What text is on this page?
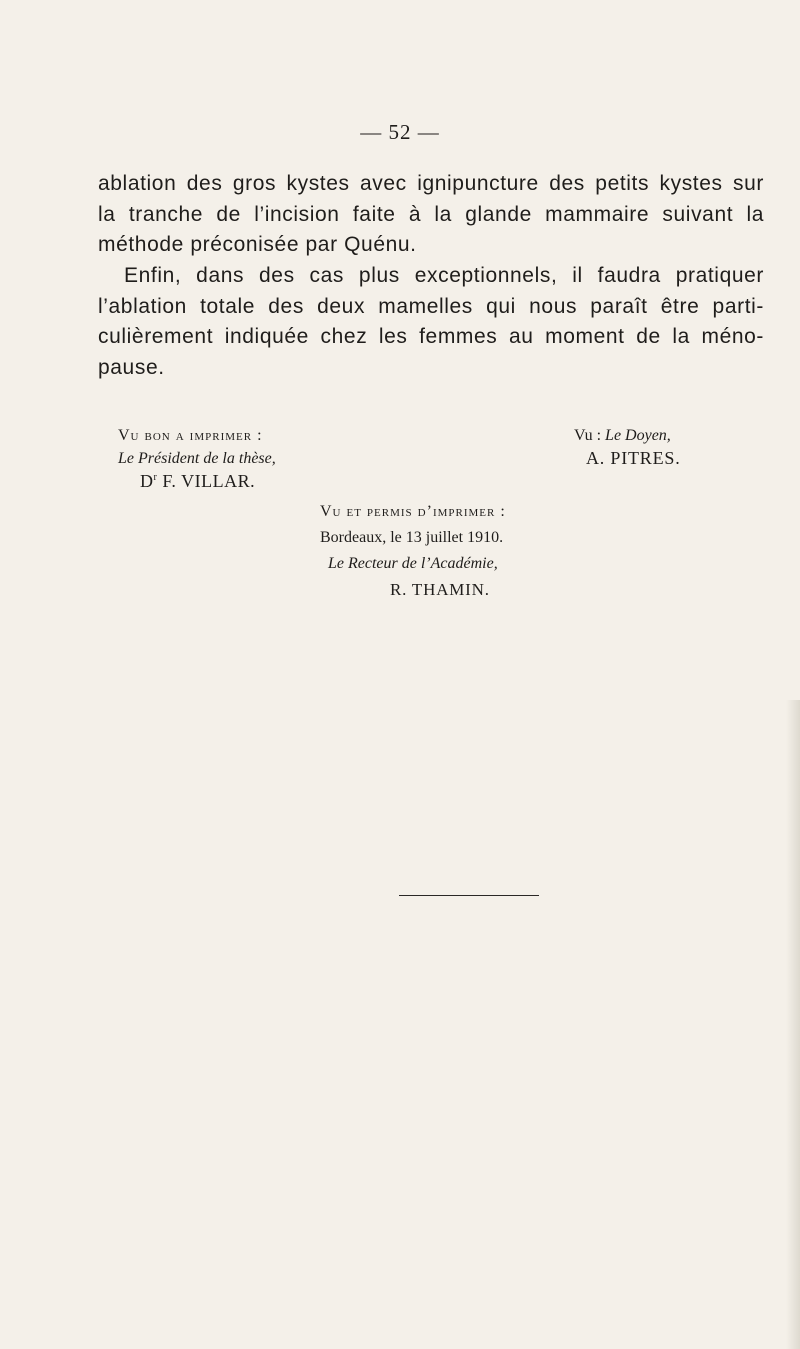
— 52 —

ablation des gros kystes avec ignipuncture des petits kystes sur
la tranche de l’incision faite à la glande mammaire suivant la
méthode préconisée par Quénu.

Enfin, dans des cas plus exceptionnels, il faudra pratiquer
l’ablation totale des deux mamelles qui nous paraît être parti-
culièrement indiquée chez les femmes au moment de la méno-
pause.

Vu bon a imprimer :
Le Président de la thèse,
$D^r$ F. VILLAR.
Vu : Le Doyen,
A. PITRES.
Vu et permis d’imprimer :
Bordeaux, le 13 juillet 1910.
Le Recteur de l’Académie,
R. THAMIN.
